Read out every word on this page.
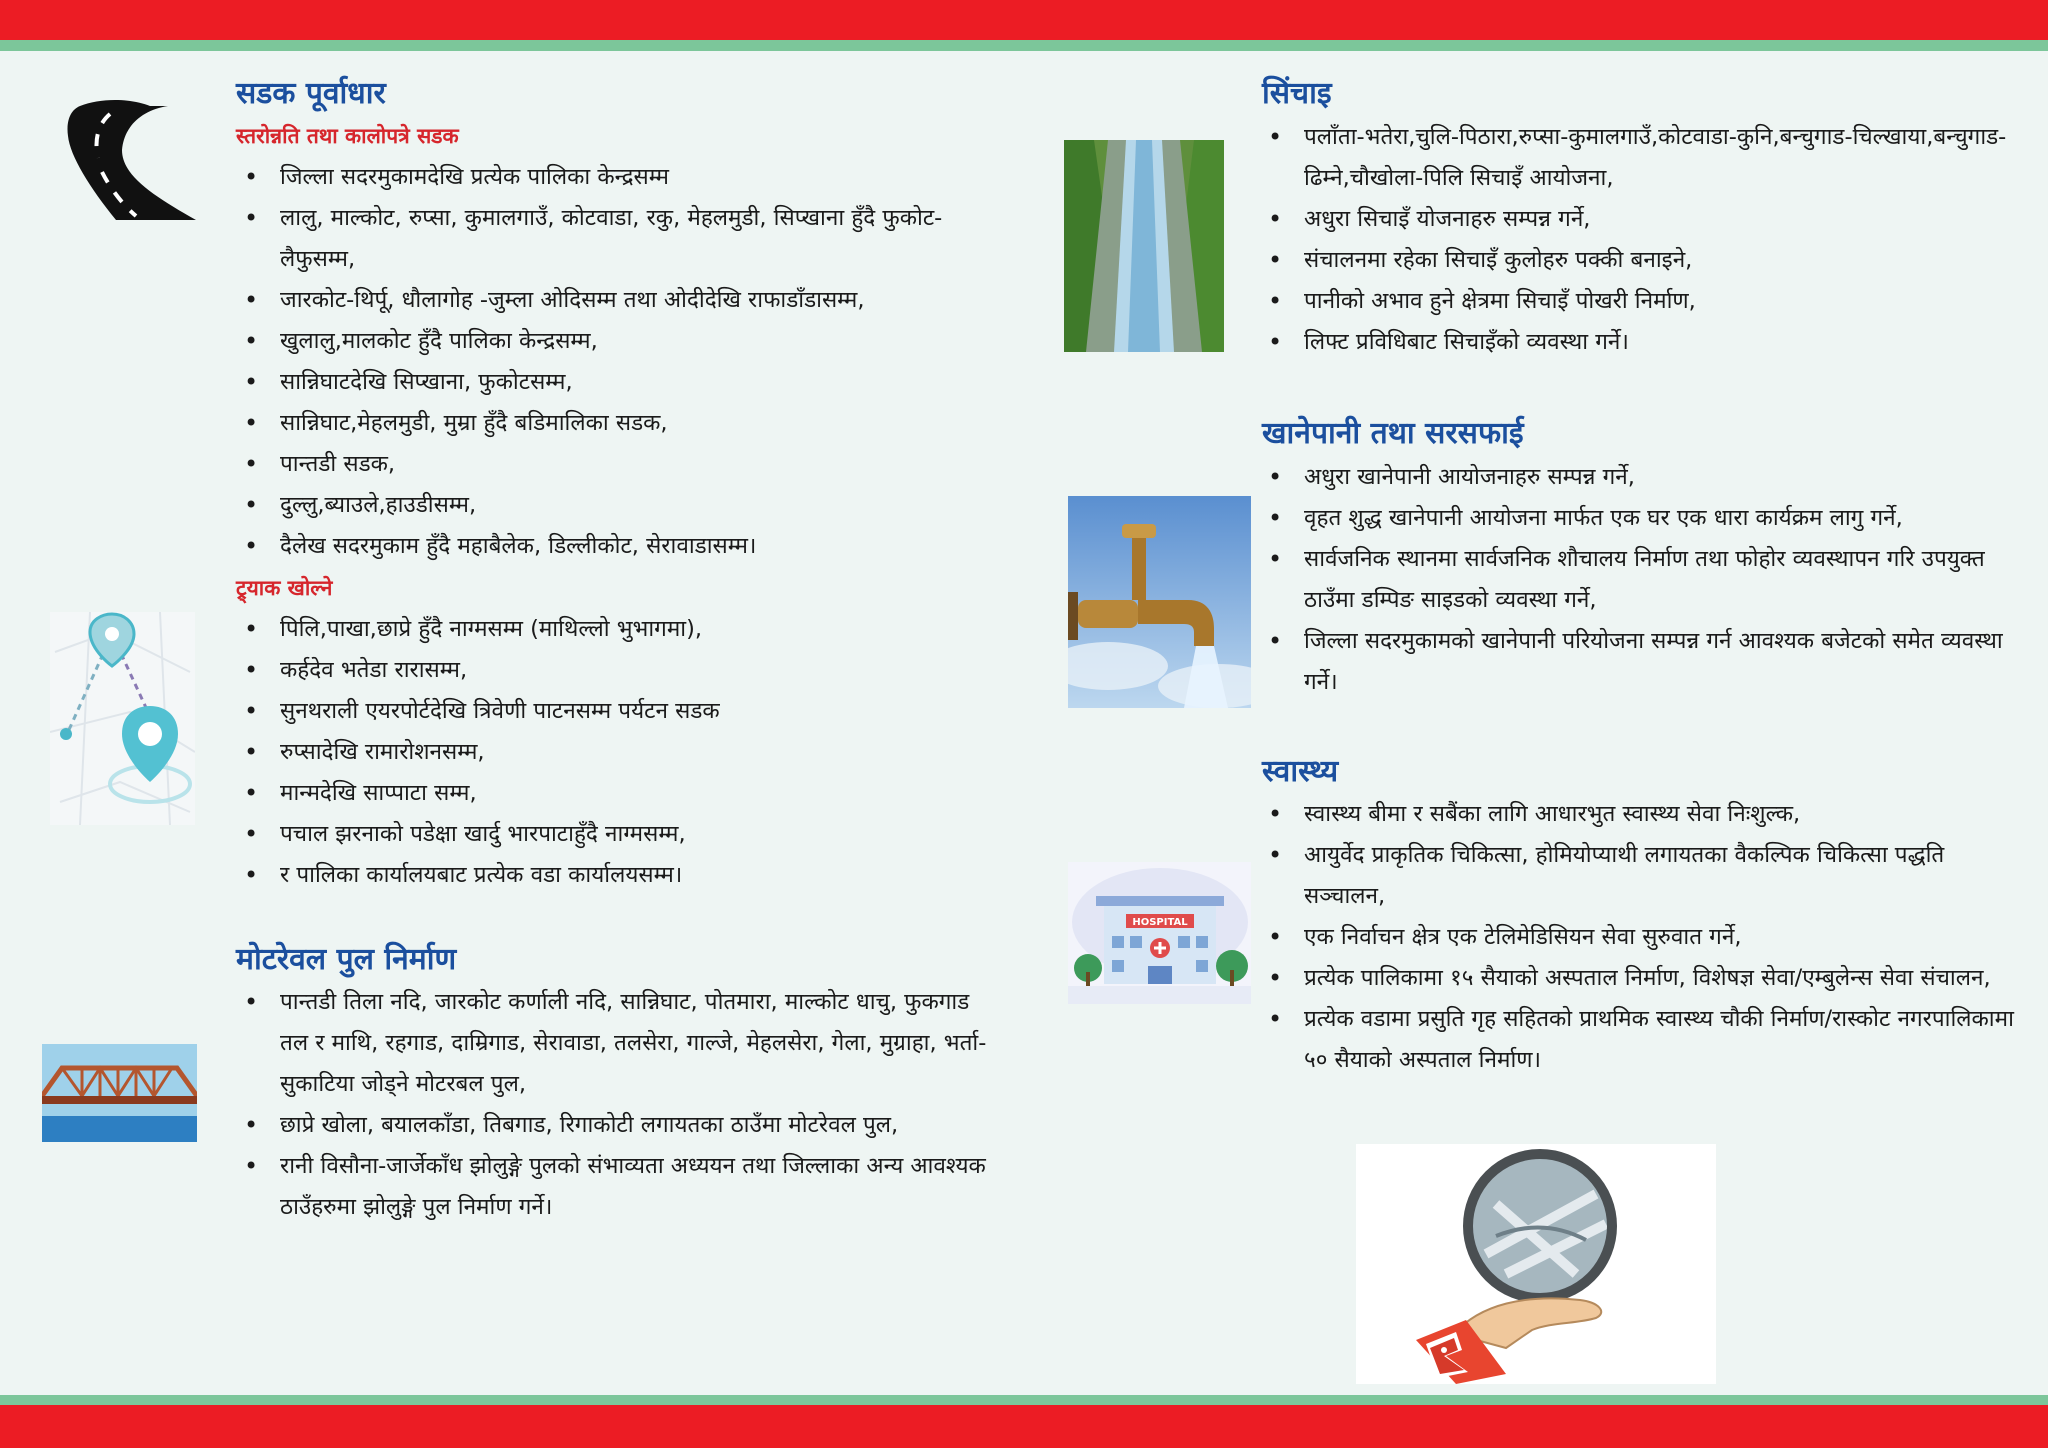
सडक पूर्वाधार
स्तरोन्नति तथा कालोपत्रे सडक
• जिल्ला सदरमुकामदेखि प्रत्येक पालिका केन्द्रसम्म
• लालु, माल्कोट, रुप्सा, कुमालगाउँ, कोटवाडा, रकु, मेहलमुडी, सिप्खाना हुँदै फुकोट-लैफुसम्म,
• जारकोट-थिर्पू, धौलागोह -जुम्ला ओदिसम्म तथा ओदीदेखि राफाडाँडासम्म,
• खुलालु,मालकोट हुँदै पालिका केन्द्रसम्म,
• सान्निघाटदेखि सिप्खाना, फुकोटसम्म,
• सान्निघाट,मेहलमुडी, मुम्रा हुँदै बडिमालिका सडक,
• पान्तडी सडक,
• दुल्लु,ब्याउले,हाउडीसम्म,
• दैलेख सदरमुकाम हुँदै महाबैलेक, डिल्लीकोट, सेरावाडासम्म।
ट्र्याक खोल्ने
• पिलि,पाखा,छाप्रे हुँदै नाग्मसम्म (माथिल्लो भुभागमा),
• कर्हदेव भतेडा रारासम्म,
• सुनथराली एयरपोर्टदेखि त्रिवेणी पाटनसम्म पर्यटन सडक
• रुप्सादेखि रामारोशनसम्म,
• मान्मदेखि साप्पाटा सम्म,
• पचाल झरनाको पडेक्षा खार्दु भारपाटाहुँदै नाग्मसम्म,
• र पालिका कार्यालयबाट प्रत्येक वडा कार्यालयसम्म।
मोटरेवल पुल निर्माण
• पान्तडी तिला नदि, जारकोट कर्णाली नदि, सान्निघाट, पोतमारा, माल्कोट धाचु, फुकगाड तल र माथि, रहगाड, दाम्रिगाड, सेरावाडा, तलसेरा, गाल्जे, मेहलसेरा, गेला, मुग्राहा, भर्ता-सुकाटिया जोड्ने मोटरबल पुल,
• छाप्रे खोला, बयालकाँडा, तिबगाड, रिगाकोटी लगायतका ठाउँमा मोटरेवल पुल,
• रानी विसौना-जार्जेकाँध झोलुङ्गे पुलको संभाव्यता अध्ययन तथा जिल्लाका अन्य आवश्यक ठाउँहरुमा झोलुङ्गे पुल निर्माण गर्ने।
सिंचाइ
• पलाँता-भतेरा,चुलि-पिठारा,रुप्सा-कुमालगाउँ,कोटवाडा-कुनि,बन्चुगाड-चिल्खाया,बन्चुगाड-ढिम्ने,चौखोला-पिलि सिचाइँ आयोजना,
• अधुरा सिचाइँ योजनाहरु सम्पन्न गर्ने,
• संचालनमा रहेका सिचाइँ कुलोहरु पक्की बनाइने,
• पानीको अभाव हुने क्षेत्रमा सिचाइँ पोखरी निर्माण,
• लिफ्ट प्रविधिबाट सिचाइँको व्यवस्था गर्ने।
खानेपानी तथा सरसफाई
• अधुरा खानेपानी आयोजनाहरु सम्पन्न गर्ने,
• वृहत शुद्ध खानेपानी आयोजना मार्फत एक घर एक धारा कार्यक्रम लागु गर्ने,
• सार्वजनिक स्थानमा सार्वजनिक शौचालय निर्माण तथा फोहोर व्यवस्थापन गरि उपयुक्त ठाउँमा डम्पिङ साइडको व्यवस्था गर्ने,
• जिल्ला सदरमुकामको खानेपानी परियोजना सम्पन्न गर्न आवश्यक बजेटको समेत व्यवस्था गर्ने।
स्वास्थ्य
• स्वास्थ्य बीमा र सबैंका लागि आधारभुत स्वास्थ्य सेवा निःशुल्क,
• आयुर्वेद प्राकृतिक चिकित्सा, होमियोप्याथी लगायतका वैकल्पिक चिकित्सा पद्धति सञ्चालन,
• एक निर्वाचन क्षेत्र एक टेलिमेडिसियन सेवा सुरुवात गर्ने,
• प्रत्येक पालिकामा १५ सैयाको अस्पताल निर्माण, विशेषज्ञ सेवा/एम्बुलेन्स सेवा संचालन,
• प्रत्येक वडामा प्रसुति गृह सहितको प्राथमिक स्वास्थ्य चौकी निर्माण/रास्कोट नगरपालिकामा ५० सैयाको अस्पताल निर्माण।
HOSPITAL
